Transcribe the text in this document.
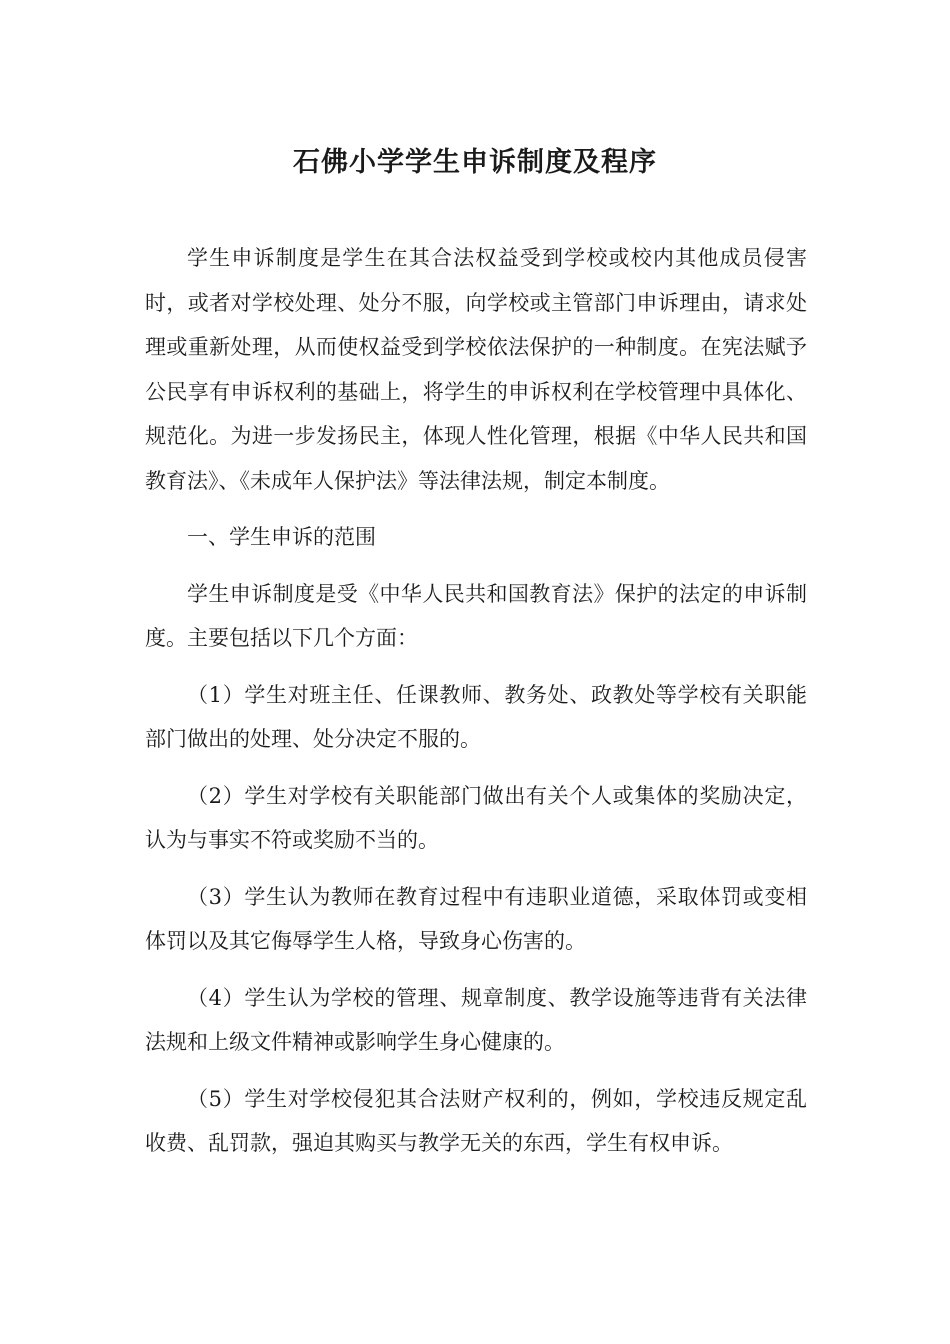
石佛小学学生申诉制度及程序

学生申诉制度是学生在其合法权益受到学校或校内其他成员侵害时，或者对学校处理、处分不服，向学校或主管部门申诉理由，请求处理或重新处理，从而使权益受到学校依法保护的一种制度。在宪法赋予公民享有申诉权利的基础上，将学生的申诉权利在学校管理中具体化、规范化。为进一步发扬民主，体现人性化管理，根据《中华人民共和国教育法》、《未成年人保护法》等法律法规，制定本制度。

一、学生申诉的范围

学生申诉制度是受《中华人民共和国教育法》保护的法定的申诉制度。主要包括以下几个方面：

（1）学生对班主任、任课教师、教务处、政教处等学校有关职能部门做出的处理、处分决定不服的。

（2）学生对学校有关职能部门做出有关个人或集体的奖励决定，认为与事实不符或奖励不当的。

（3）学生认为教师在教育过程中有违职业道德，采取体罚或变相体罚以及其它侮辱学生人格，导致身心伤害的。

（4）学生认为学校的管理、规章制度、教学设施等违背有关法律法规和上级文件精神或影响学生身心健康的。

（5）学生对学校侵犯其合法财产权利的，例如，学校违反规定乱收费、乱罚款，强迫其购买与教学无关的东西，学生有权申诉。
